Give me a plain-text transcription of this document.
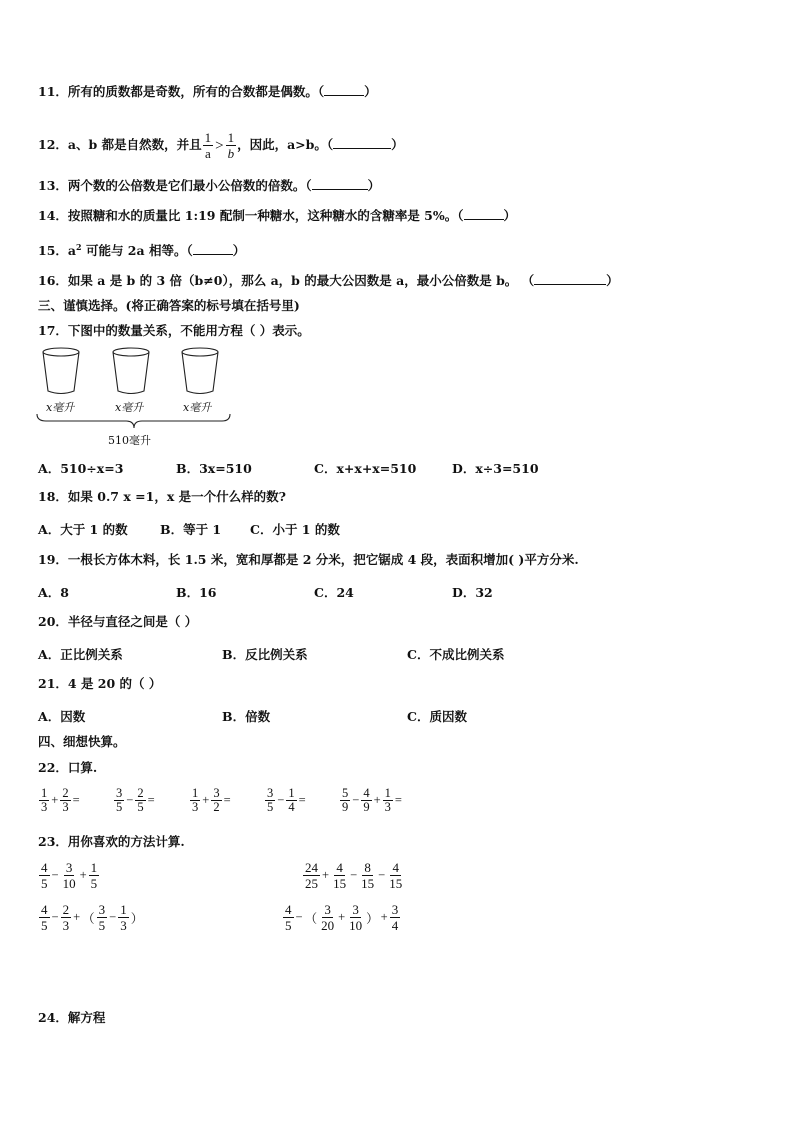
11．所有的质数都是奇数，所有的合数都是偶数。（	）
12．a、b 都是自然数，并且 $\frac{1}{a} > \frac{1}{b}$ ，因此，a>b。（	）
13．两个数的公倍数是它们最小公倍数的倍数。（	）
14．按照糖和水的质量比 1:19 配制一种糖水，这种糖水的含糖率是 5%。（	）
15．$a^2$ 可能与 2a 相等。（	）
16．如果 a 是 b 的 3 倍（b≠0），那么 a，b 的最大公因数是 a，最小公倍数是 b。 （	）
三、谨慎选择。(将正确答案的标号填在括号里)
17．下图中的数量关系，不能用方程（ ）表示。
x毫升	x毫升	x毫升
510毫升
A．510÷x=3	B．3x=510	C．x+x+x=510	D．x÷3=510
18．如果 0.7 x =1，x 是一个什么样的数?
A．大于 1 的数	B．等于 1 C．小于 1 的数
19．一根长方体木料，长 1.5 米，宽和厚都是 2 分米，把它锯成 4 段，表面积增加( )平方分米.
A．8	B．16	C．24	D．32
20．半径与直径之间是（ ）
A．正比例关系	B．反比例关系	C．不成比例关系
21．4 是 20 的（ ）
A．因数	B．倍数	C．质因数
四、细想快算。
22．口算.
$\frac{1}{3} + \frac{2}{3}$ =	$\frac{3}{5} - \frac{2}{5}$ =	$\frac{1}{3} + \frac{3}{2}$ =	$\frac{3}{5} - \frac{1}{4}$ =	$\frac{5}{9} - \frac{4}{9} + \frac{1}{3}$ =
23．用你喜欢的方法计算.
$\frac{4}{5} - \frac{3}{10} + \frac{1}{5}$	$\frac{24}{25} + \frac{4}{15} - \frac{8}{15} - \frac{4}{15}$
$\frac{4}{5} - \frac{2}{3}$ + （ $\frac{3}{5} - \frac{1}{3}$ ）	$\frac{4}{5}$ − （ $\frac{3}{20} + \frac{3}{10}$ ） + $\frac{3}{4}$
24．解方程
